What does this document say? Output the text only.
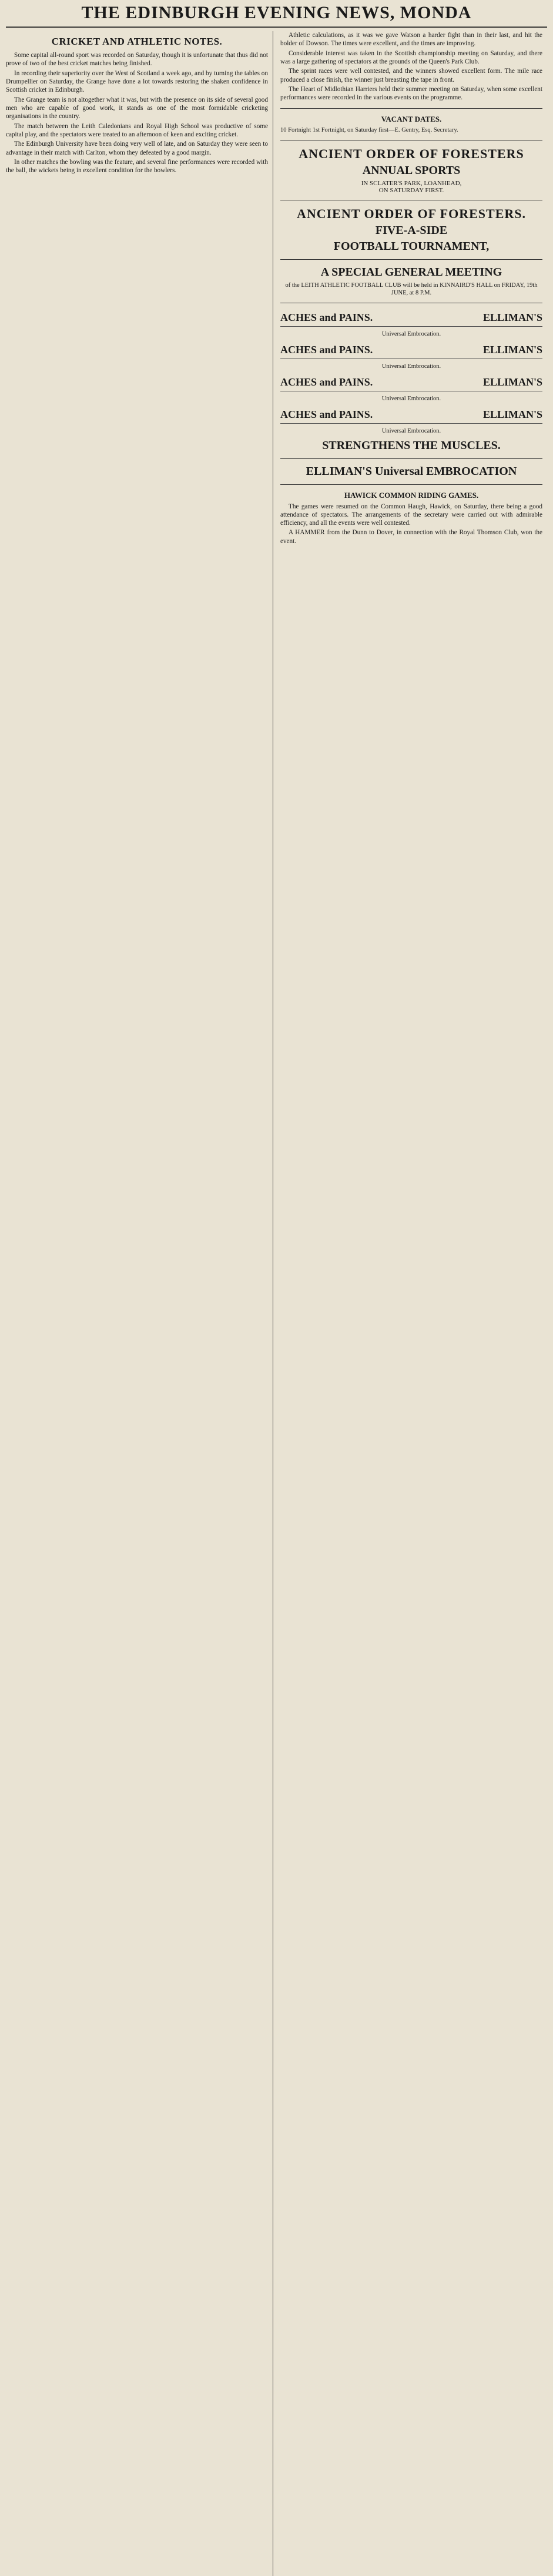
THE EDINBURGH EVENING NEWS, MONDA
CRICKET AND ATHLETIC NOTES.

Some capital all-round sport was recorded on Saturday, though it is unfortunate that thus did not prove of two of the best cricket matches being finished.

In recording their superiority over the West of Scotland a week ago, and by turning the tables on Drumpellier on Saturday, the Grange have done a lot towards restoring the shaken confidence in Scottish cricket in Edinburgh.

The Grange team is not altogether what it was, but with the presence on its side of several good men who are capable of good work, it stands as one of the most formidable cricketing organisations in the country.

The match between the Leith Caledonians and Royal High School was productive of some capital play, and the spectators were treated to an afternoon of keen and exciting cricket.

The Edinburgh University have been doing very well of late, and on Saturday they were seen to advantage in their match with Carlton, whom they defeated by a good margin.

In other matches the bowling was the feature, and several fine performances were recorded with the ball, the wickets being in excellent condition for the bowlers.

Athletic calculations, as it was we gave Watson a harder fight than in their last, and hit the bolder of Dowson. The times were excellent, and the times are improving.

Considerable interest was taken in the Scottish championship meeting on Saturday, and there was a large gathering of spectators at the grounds of the Queen's Park Club.

The sprint races were well contested, and the winners showed excellent form. The mile race produced a close finish, the winner just breasting the tape in front.

The Heart of Midlothian Harriers held their summer meeting on Saturday, when some excellent performances were recorded in the various events on the programme.

VACANT DATES.
10 Fortnight 1st Fortnight, on Saturday first—E. Gentry, Esq. Secretary.
ANCIENT ORDER OF FORESTERS
ANNUAL SPORTS
IN SCLATER'S PARK, LOANHEAD,
ON SATURDAY FIRST.
ANCIENT ORDER OF FORESTERS.
FIVE-A-SIDE
FOOTBALL TOURNAMENT,
A SPECIAL GENERAL MEETING
of the LEITH ATHLETIC FOOTBALL CLUB will be held in KINNAIRD'S HALL on FRIDAY, 19th JUNE, at 8 P.M.
ACHES and PAINS.	ELLIMAN'S
Universal Embrocation.
ACHES and PAINS.	ELLIMAN'S
Universal Embrocation.
ACHES and PAINS.	ELLIMAN'S
Universal Embrocation.
ACHES and PAINS.	ELLIMAN'S
Universal Embrocation.
STRENGTHENS THE MUSCLES.
ELLIMAN'S Universal EMBROCATION
HAWICK COMMON RIDING GAMES.

The games were resumed on the Common Haugh, Hawick, on Saturday, there being a good attendance of spectators. The arrangements of the secretary were carried out with admirable efficiency, and all the events were well contested.

A HAMMER from the Dunn to Dover, in connection with the Royal Thomson Club, won the event.
